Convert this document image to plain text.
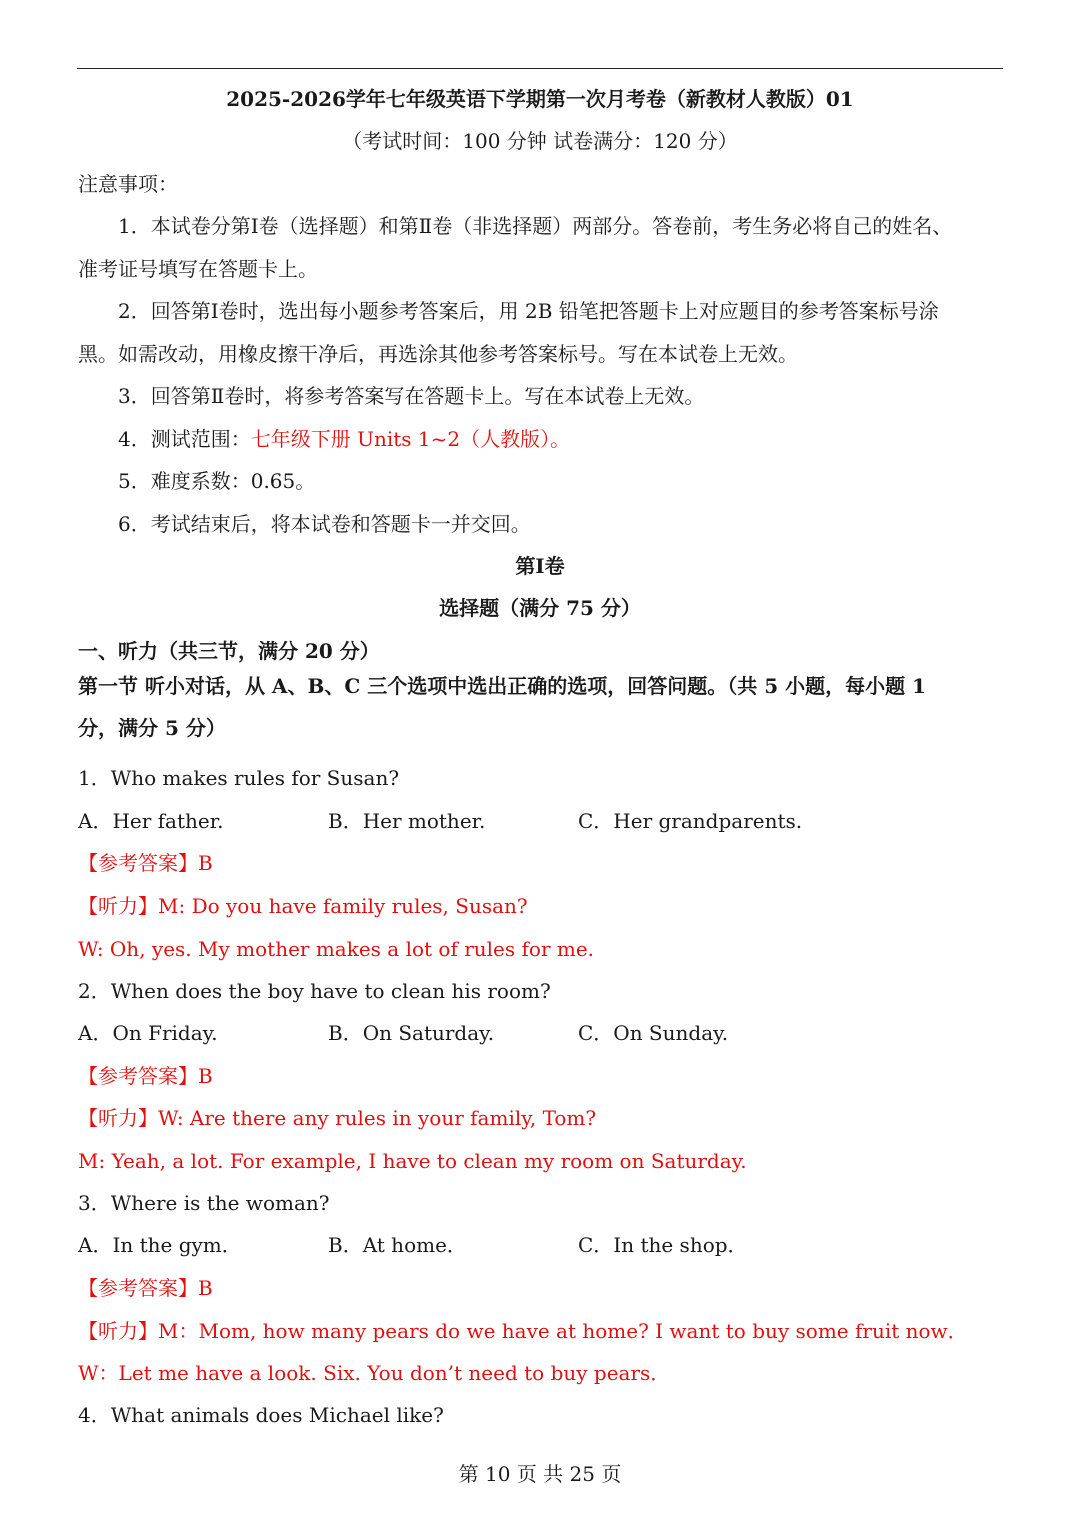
2025-2026学年七年级英语下学期第一次月考卷（新教材人教版）01
（考试时间：100 分钟 试卷满分：120 分）
注意事项：
1．本试卷分第Ⅰ卷（选择题）和第Ⅱ卷（非选择题）两部分。答卷前，考生务必将自己的姓名、
准考证号填写在答题卡上。
2．回答第Ⅰ卷时，选出每小题参考答案后，用 2B 铅笔把答题卡上对应题目的参考答案标号涂
黑。如需改动，用橡皮擦干净后，再选涂其他参考答案标号。写在本试卷上无效。
3．回答第Ⅱ卷时，将参考答案写在答题卡上。写在本试卷上无效。
4．测试范围：七年级下册 Units 1~2（人教版）。
5．难度系数：0.65。
6．考试结束后，将本试卷和答题卡一并交回。
第Ⅰ卷
选择题（满分 75 分）
一、听力（共三节，满分 20 分）
第一节 听小对话，从 A、B、C 三个选项中选出正确的选项，回答问题。（共 5 小题，每小题 1
分，满分 5 分）
1．Who makes rules for Susan?
A．Her father.	B．Her mother.	C．Her grandparents.
【参考答案】B
【听力】M: Do you have family rules, Susan?
W: Oh, yes. My mother makes a lot of rules for me.
2．When does the boy have to clean his room?
A．On Friday.	B．On Saturday.	C．On Sunday.
【参考答案】B
【听力】W: Are there any rules in your family, Tom?
M: Yeah, a lot. For example, I have to clean my room on Saturday.
3．Where is the woman?
A．In the gym．	B．At home．	C．In the shop．
【参考答案】B
【听力】M：Mom, how many pears do we have at home? I want to buy some fruit now．
W：Let me have a look. Six. You don’t need to buy pears．
4．What animals does Michael like?
第 10 页 共 25 页
